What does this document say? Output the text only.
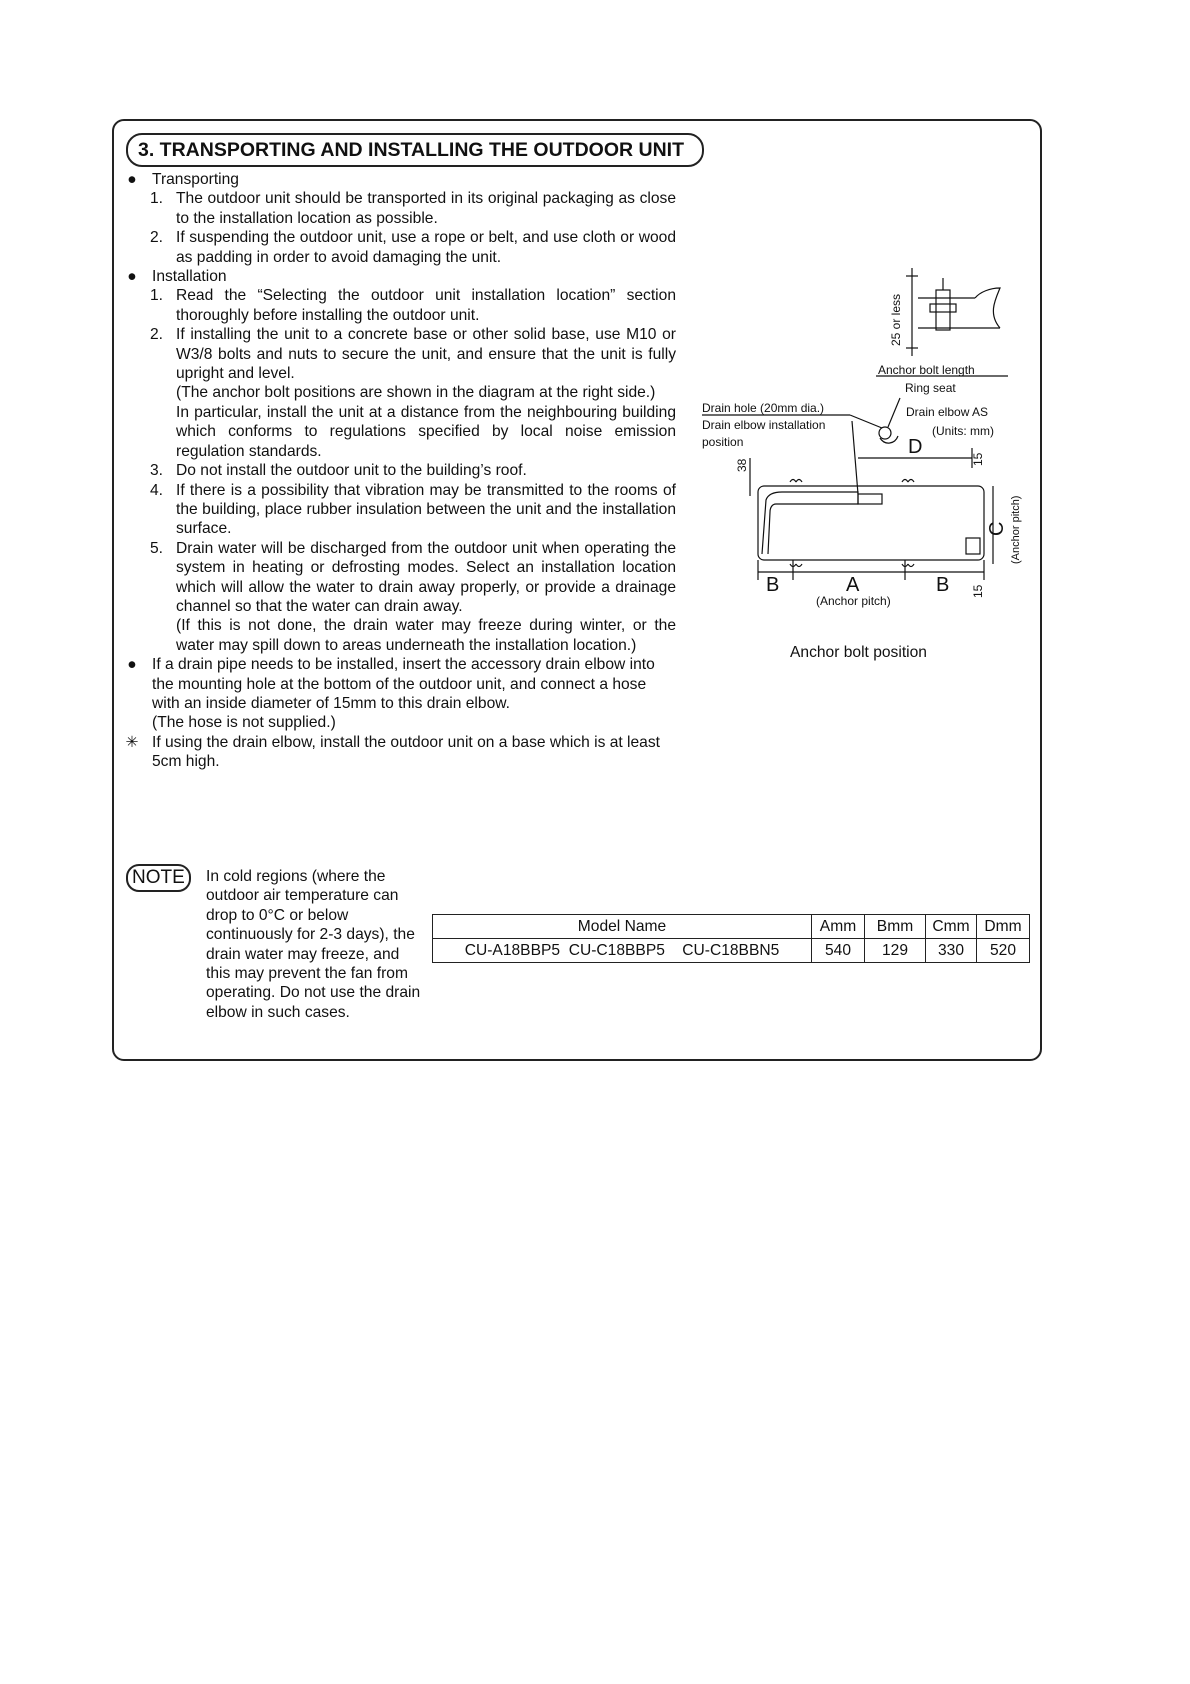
3. TRANSPORTING AND INSTALLING THE OUTDOOR UNIT
● Transporting
1. The outdoor unit should be transported in its original packaging as close to the installation location as possible.
2. If suspending the outdoor unit, use a rope or belt, and use cloth or wood as padding in order to avoid damaging the unit.
● Installation
1. Read the “Selecting the outdoor unit installation location” section thoroughly before installing the outdoor unit.
2. If installing the unit to a concrete base or other solid base, use M10 or W3/8 bolts and nuts to secure the unit, and ensure that the unit is fully upright and level.
(The anchor bolt positions are shown in the diagram at the right side.)
In particular, install the unit at a distance from the neighbouring building which conforms to regulations specified by local noise emission regulation standards.
3. Do not install the outdoor unit to the building’s roof.
4. If there is a possibility that vibration may be transmitted to the rooms of the building, place rubber insulation between the unit and the installation surface.
5. Drain water will be discharged from the outdoor unit when operating the system in heating or defrosting modes. Select an installation location which will allow the water to drain away properly, or provide a drainage channel so that the water can drain away.
(If this is not done, the drain water may freeze during winter, or the water may spill down to areas underneath the installation location.)
● If a drain pipe needs to be installed, insert the accessory drain elbow into the mounting hole at the bottom of the outdoor unit, and connect a hose with an inside diameter of 15mm to this drain elbow.
(The hose is not supplied.)
✳ If using the drain elbow, install the outdoor unit on a base which is at least 5cm high.
25 or less
Anchor bolt length
Ring seat
Drain hole (20mm dia.)
Drain elbow installation
position
Drain elbow AS
(Units: mm)
D
38	15
C (Anchor pitch)
B	A	B 15
(Anchor pitch)
Anchor bolt position
NOTE	In cold regions (where the outdoor air temperature can drop to 0°C or below continuously for 2-3 days), the drain water may freeze, and this may prevent the fan from operating. Do not use the drain elbow in such cases.
Model Name	Amm	Bmm	Cmm	Dmm
CU-A18BBP5  CU-C18BBP5    CU-C18BBN5	540	129	330	520
